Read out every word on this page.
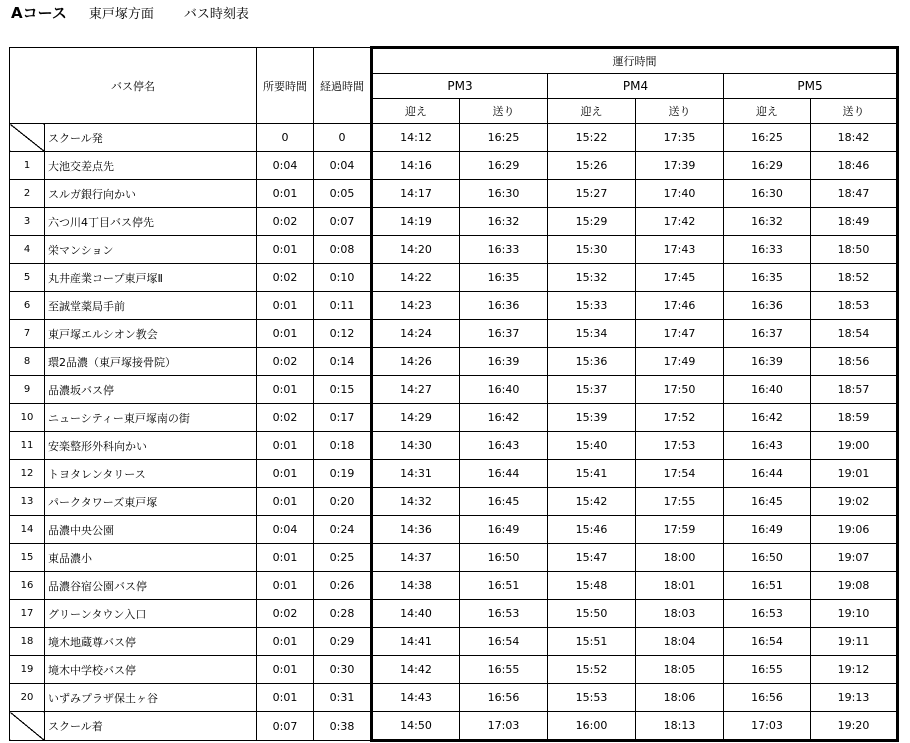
Aコース 東戸塚方面 バス時刻表
バス停名		所要時間	経過時間	運行時間					
				PM3		PM4		PM5	
				迎え	送り	迎え	送り	迎え	送り
	スクール発	0	0	14:12	16:25	15:22	17:35	16:25	18:42
1	大池交差点先	0:04	0:04	14:16	16:29	15:26	17:39	16:29	18:46
2	スルガ銀行向かい	0:01	0:05	14:17	16:30	15:27	17:40	16:30	18:47
3	六つ川4丁目バス停先	0:02	0:07	14:19	16:32	15:29	17:42	16:32	18:49
4	栄マンション	0:01	0:08	14:20	16:33	15:30	17:43	16:33	18:50
5	丸井産業コープ東戸塚Ⅱ	0:02	0:10	14:22	16:35	15:32	17:45	16:35	18:52
6	至誠堂薬局手前	0:01	0:11	14:23	16:36	15:33	17:46	16:36	18:53
7	東戸塚エルシオン教会	0:01	0:12	14:24	16:37	15:34	17:47	16:37	18:54
8	環2品濃（東戸塚接骨院）	0:02	0:14	14:26	16:39	15:36	17:49	16:39	18:56
9	品濃坂バス停	0:01	0:15	14:27	16:40	15:37	17:50	16:40	18:57
10	ニューシティー東戸塚南の街	0:02	0:17	14:29	16:42	15:39	17:52	16:42	18:59
11	安楽整形外科向かい	0:01	0:18	14:30	16:43	15:40	17:53	16:43	19:00
12	トヨタレンタリース	0:01	0:19	14:31	16:44	15:41	17:54	16:44	19:01
13	パークタワーズ東戸塚	0:01	0:20	14:32	16:45	15:42	17:55	16:45	19:02
14	品濃中央公園	0:04	0:24	14:36	16:49	15:46	17:59	16:49	19:06
15	東品濃小	0:01	0:25	14:37	16:50	15:47	18:00	16:50	19:07
16	品濃谷宿公園バス停	0:01	0:26	14:38	16:51	15:48	18:01	16:51	19:08
17	グリーンタウン入口	0:02	0:28	14:40	16:53	15:50	18:03	16:53	19:10
18	境木地蔵尊バス停	0:01	0:29	14:41	16:54	15:51	18:04	16:54	19:11
19	境木中学校バス停	0:01	0:30	14:42	16:55	15:52	18:05	16:55	19:12
20	いずみプラザ保土ヶ谷	0:01	0:31	14:43	16:56	15:53	18:06	16:56	19:13
	スクール着	0:07	0:38	14:50	17:03	16:00	18:13	17:03	19:20
